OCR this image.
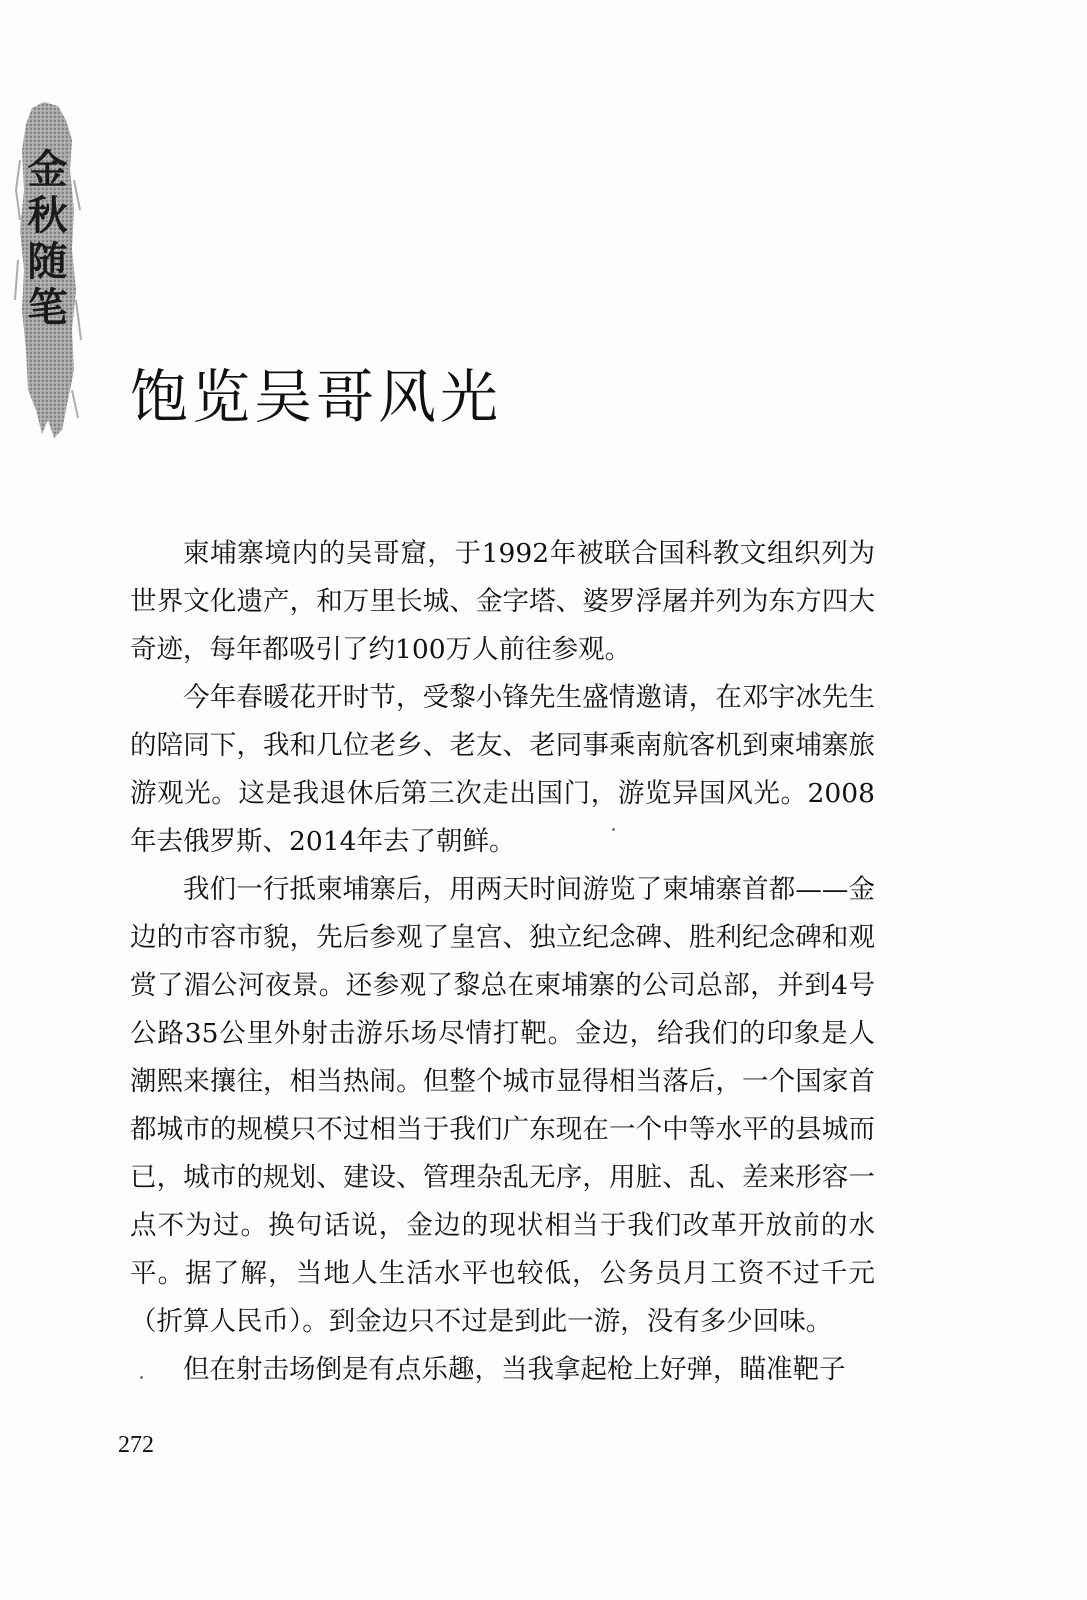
金秋随笔
饱览吴哥风光

柬埔寨境内的吴哥窟，于1992年被联合国科教文组织列为世界文化遗产，和万里长城、金字塔、婆罗浮屠并列为东方四大奇迹，每年都吸引了约100万人前往参观。

今年春暖花开时节，受黎小锋先生盛情邀请，在邓宇冰先生的陪同下，我和几位老乡、老友、老同事乘南航客机到柬埔寨旅游观光。这是我退休后第三次走出国门，游览异国风光。2008年去俄罗斯、2014年去了朝鲜。

我们一行抵柬埔寨后，用两天时间游览了柬埔寨首都——金边的市容市貌，先后参观了皇宫、独立纪念碑、胜利纪念碑和观赏了湄公河夜景。还参观了黎总在柬埔寨的公司总部，并到4号公路35公里外射击游乐场尽情打靶。金边，给我们的印象是人潮熙来攘往，相当热闹。但整个城市显得相当落后，一个国家首都城市的规模只不过相当于我们广东现在一个中等水平的县城而已，城市的规划、建设、管理杂乱无序，用脏、乱、差来形容一点不为过。换句话说，金边的现状相当于我们改革开放前的水平。据了解，当地人生活水平也较低，公务员月工资不过千元（折算人民币）。到金边只不过是到此一游，没有多少回味。

但在射击场倒是有点乐趣，当我拿起枪上好弹，瞄准靶子

272
